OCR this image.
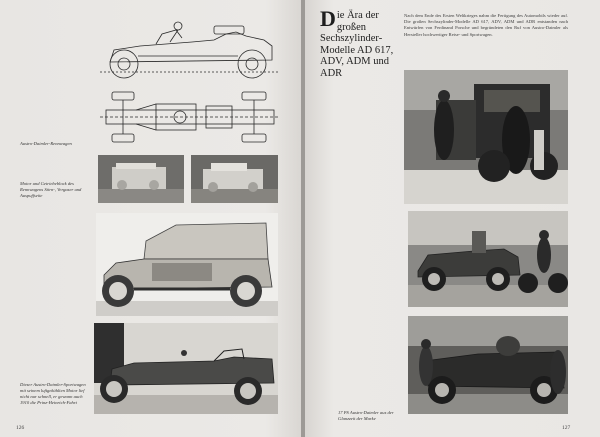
Austro-Daimler-Rennwagen
Motor und Getriebeblock des Rennwagens Stirn-, Vergaser und Auspuffseite
Dieser Austro-Daimler-Sportwagen mit seinem luftgekühlten Motor lief nicht nur schnell, er gewann auch 1910 die Prinz-Heinrich-Fahrt
126
Die Ära der großen Sechszylinder-Modelle AD 617, ADV, ADM und ADR
Nach dem Ende des Ersten Weltkrieges nahm die Fertigung des Automobils wieder auf. Die großen Sechszylinder-Modelle AD 617, ADV, ADM und ADR entstanden nach Entwürfen von Ferdinand Porsche und begründeten den Ruf von Austro-Daimler als Hersteller hochwertiger Reise- und Sportwagen.
17 PS Austro-Daimler aus der Glanzzeit der Marke
127
